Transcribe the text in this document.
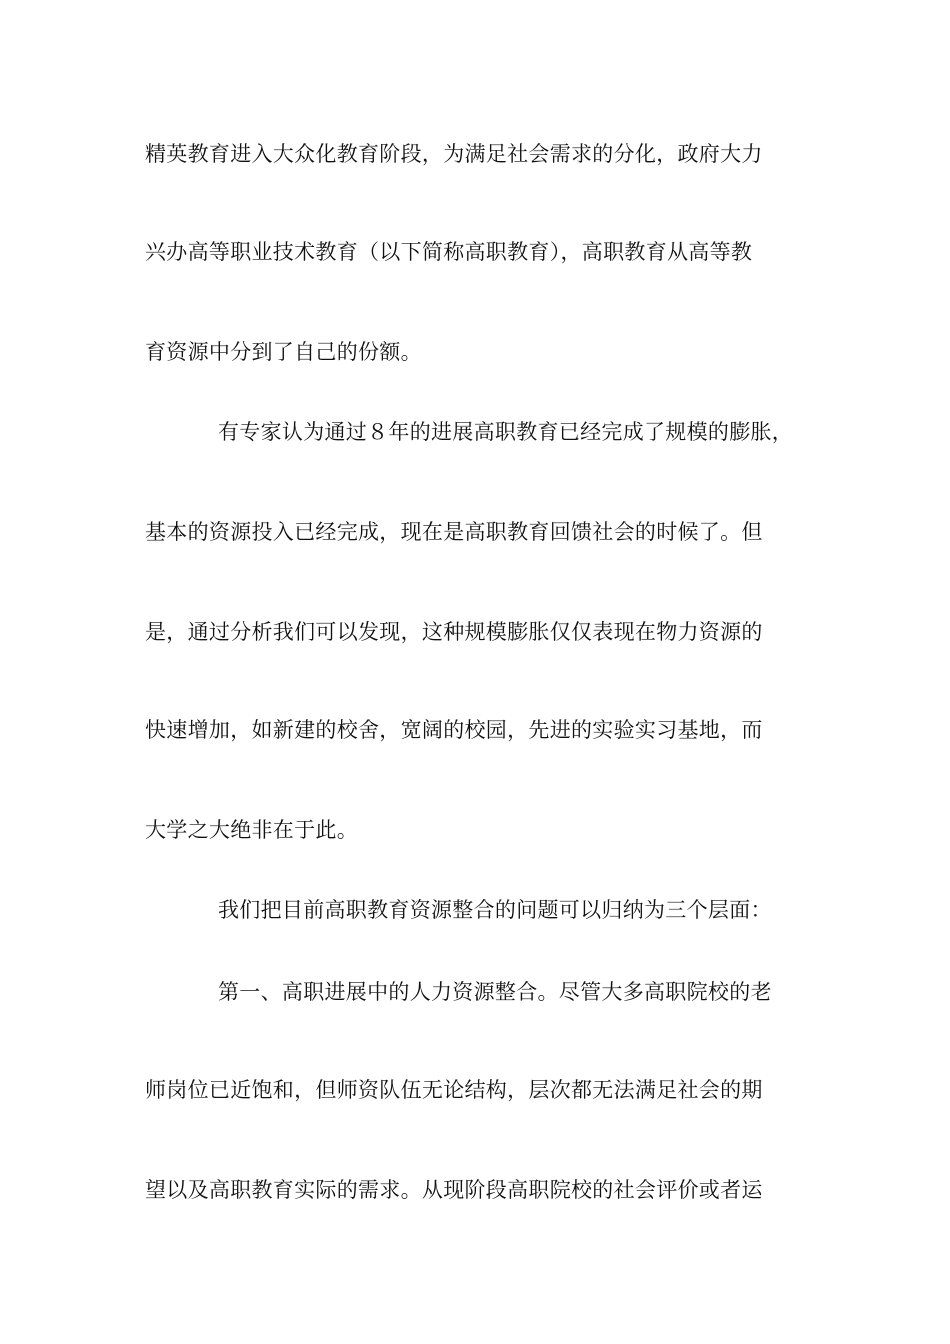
精英教育进入大众化教育阶段，为满足社会需求的分化，政府大力
兴办高等职业技术教育（以下简称高职教育），高职教育从高等教
育资源中分到了自己的份额。
有专家认为通过８年的进展高职教育已经完成了规模的膨胀，
基本的资源投入已经完成，现在是高职教育回馈社会的时候了。但
是，通过分析我们可以发现，这种规模膨胀仅仅表现在物力资源的
快速增加，如新建的校舍，宽阔的校园，先进的实验实习基地，而
大学之大绝非在于此。
我们把目前高职教育资源整合的问题可以归纳为三个层面：
第一、高职进展中的人力资源整合。尽管大多高职院校的老
师岗位已近饱和，但师资队伍无论结构，层次都无法满足社会的期
望以及高职教育实际的需求。从现阶段高职院校的社会评价或者运
